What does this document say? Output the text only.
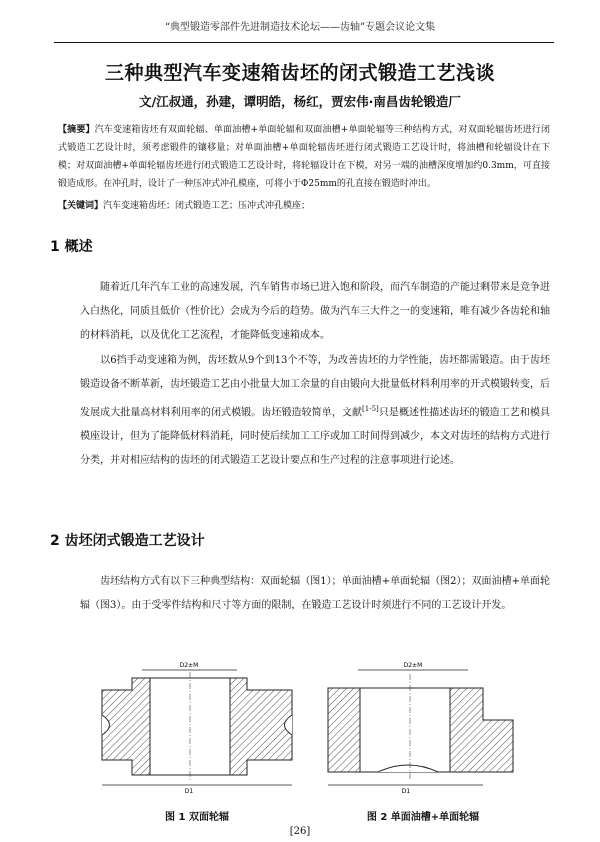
“典型锻造零部件先进制造技术论坛——齿轴”专题会议论文集
三种典型汽车变速箱齿坯的闭式锻造工艺浅谈
文/江叔通，孙建，谭明皓，杨红，贾宏伟·南昌齿轮锻造厂
【摘要】汽车变速箱齿坯有双面轮辐、单面油槽+单面轮辐和双面油槽+单面轮辐等三种结构方式，对双面轮辐齿坯进行闭式锻造工艺设计时，须考虑锻件的镶移量；对单面油槽+单面轮辐齿坯进行闭式锻造工艺设计时，将油槽和轮辐设计在下模；对双面油槽+单面轮辐齿坯进行闭式锻造工艺设计时，将轮辐设计在下模，对另一端的油槽深度增加约0.3mm，可直接锻造成形。在冲孔时，设计了一种压冲式冲孔模座，可将小于Φ25mm的孔直接在锻造时冲出。
【关键词】汽车变速箱齿坯；闭式锻造工艺；压冲式冲孔模座；
1 概述
随着近几年汽车工业的高速发展，汽车销售市场已进入饱和阶段，而汽车制造的产能过剩带来是竞争进入白热化，同质且低价（性价比）会成为今后的趋势。做为汽车三大件之一的变速箱，唯有减少各齿轮和轴的材料消耗，以及优化工艺流程，才能降低变速箱成本。
以6挡手动变速箱为例，齿坯数从9个到13个不等，为改善齿坯的力学性能，齿坯都需锻造。由于齿坯锻造设备不断革新，齿坯锻造工艺由小批量大加工余量的自由锻向大批量低材料利用率的开式模锻转变，后发展成大批量高材料利用率的闭式模锻。齿坯锻造较简单，文献[1-5]只是概述性描述齿坯的锻造工艺和模具模座设计，但为了能降低材料消耗，同时使后续加工工序或加工时间得到减少，本文对齿坯的结构方式进行分类，并对相应结构的齿坯的闭式锻造工艺设计要点和生产过程的注意事项进行论述。
2 齿坯闭式锻造工艺设计
齿坯结构方式有以下三种典型结构：双面轮辐（图1）；单面油槽+单面轮辐（图2）；双面油槽+单面轮辐（图3）。由于受零件结构和尺寸等方面的限制，在锻造工艺设计时须进行不同的工艺设计开发。
D2±M
D1
图 1 双面轮辐
D2±M
D1
图 2 单面油槽+单面轮辐
[26]
